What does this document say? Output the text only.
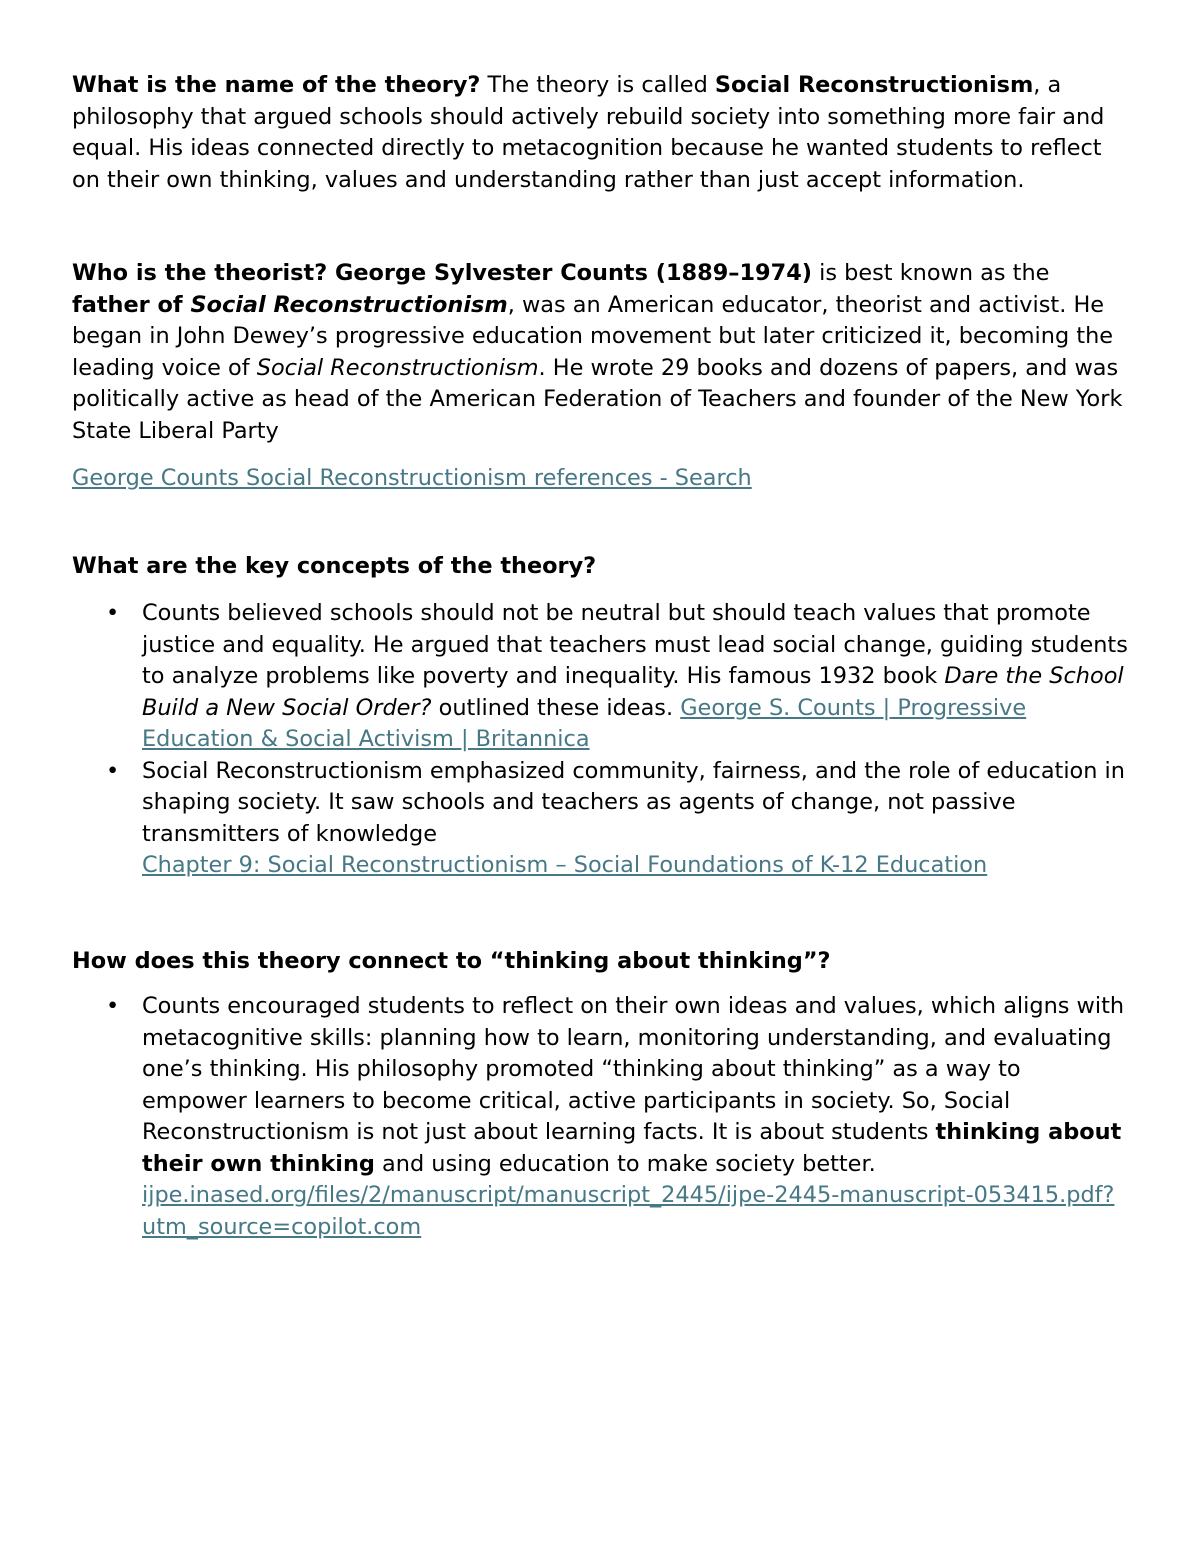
What is the name of the theory? The theory is called Social Reconstructionism, a philosophy that argued schools should actively rebuild society into something more fair and equal. His ideas connected directly to metacognition because he wanted students to reflect on their own thinking, values and understanding rather than just accept information.

Who is the theorist? George Sylvester Counts (1889–1974) is best known as the father of Social Reconstructionism, was an American educator, theorist and activist. He began in John Dewey’s progressive education movement but later criticized it, becoming the leading voice of Social Reconstructionism. He wrote 29 books and dozens of papers, and was politically active as head of the American Federation of Teachers and founder of the New York State Liberal Party

George Counts Social Reconstructionism references - Search

What are the key concepts of the theory?
• Counts believed schools should not be neutral but should teach values that promote justice and equality. He argued that teachers must lead social change, guiding students to analyze problems like poverty and inequality. His famous 1932 book Dare the School Build a New Social Order? outlined these ideas. George S. Counts | Progressive Education & Social Activism | Britannica
• Social Reconstructionism emphasized community, fairness, and the role of education in shaping society. It saw schools and teachers as agents of change, not passive transmitters of knowledge
Chapter 9: Social Reconstructionism – Social Foundations of K-12 Education
How does this theory connect to “thinking about thinking”?
• Counts encouraged students to reflect on their own ideas and values, which aligns with metacognitive skills: planning how to learn, monitoring understanding, and evaluating one’s thinking. His philosophy promoted “thinking about thinking” as a way to empower learners to become critical, active participants in society. So, Social Reconstructionism is not just about learning facts. It is about students thinking about their own thinking and using education to make society better. ijpe.inased.org/files/2/manuscript/manuscript_2445/ijpe-2445-manuscript-053415.pdf?utm_source=copilot.com
